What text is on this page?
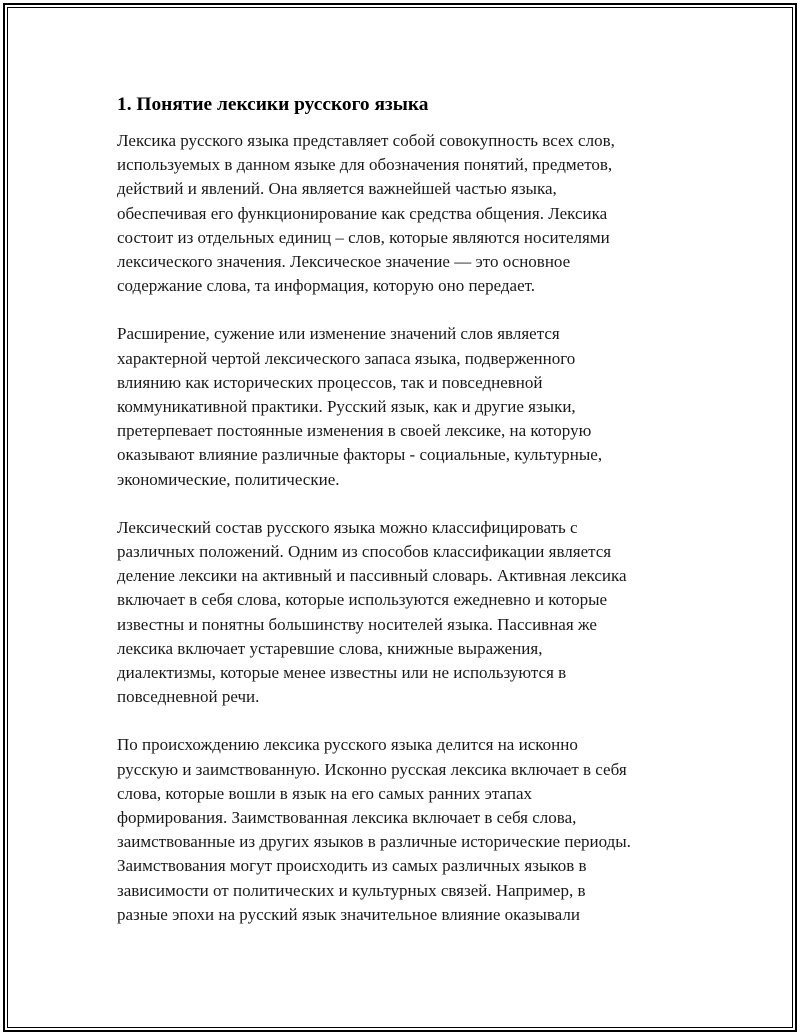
1. Понятие лексики русского языка

Лексика русского языка представляет собой совокупность всех слов,
используемых в данном языке для обозначения понятий, предметов,
действий и явлений. Она является важнейшей частью языка,
обеспечивая его функционирование как средства общения. Лексика
состоит из отдельных единиц – слов, которые являются носителями
лексического значения. Лексическое значение — это основное
содержание слова, та информация, которую оно передает.

Расширение, сужение или изменение значений слов является
характерной чертой лексического запаса языка, подверженного
влиянию как исторических процессов, так и повседневной
коммуникативной практики. Русский язык, как и другие языки,
претерпевает постоянные изменения в своей лексике, на которую
оказывают влияние различные факторы - социальные, культурные,
экономические, политические.

Лексический состав русского языка можно классифицировать с
различных положений. Одним из способов классификации является
деление лексики на активный и пассивный словарь. Активная лексика
включает в себя слова, которые используются ежедневно и которые
известны и понятны большинству носителей языка. Пассивная же
лексика включает устаревшие слова, книжные выражения,
диалектизмы, которые менее известны или не используются в
повседневной речи.

По происхождению лексика русского языка делится на исконно
русскую и заимствованную. Исконно русская лексика включает в себя
слова, которые вошли в язык на его самых ранних этапах
формирования. Заимствованная лексика включает в себя слова,
заимствованные из других языков в различные исторические периоды.
Заимствования могут происходить из самых различных языков в
зависимости от политических и культурных связей. Например, в
разные эпохи на русский язык значительное влияние оказывали
